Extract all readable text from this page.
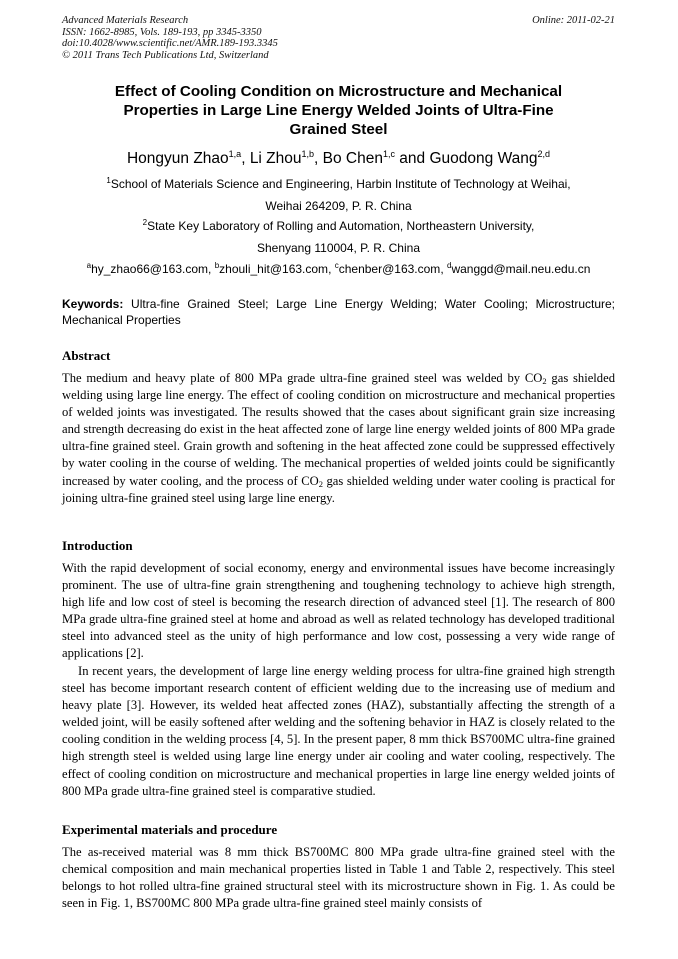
Advanced Materials Research
ISSN: 1662-8985, Vols. 189-193, pp 3345-3350
doi:10.4028/www.scientific.net/AMR.189-193.3345
© 2011 Trans Tech Publications Ltd, Switzerland
Online: 2011-02-21
Effect of Cooling Condition on Microstructure and Mechanical
Properties in Large Line Energy Welded Joints of Ultra-Fine
Grained Steel
Hongyun Zhao$^{1,a}$, Li Zhou$^{1,b}$, Bo Chen$^{1,c}$ and Guodong Wang$^{2,d}$
$^1$School of Materials Science and Engineering, Harbin Institute of Technology at Weihai,
Weihai 264209, P. R. China
$^2$State Key Laboratory of Rolling and Automation, Northeastern University,
Shenyang 110004, P. R. China
$^a$hy_zhao66@163.com, $^b$zhouli_hit@163.com, $^c$chenber@163.com, $^d$wanggd@mail.neu.edu.cn
Keywords: Ultra-fine Grained Steel; Large Line Energy Welding; Water Cooling; Microstructure; Mechanical Properties
Abstract

The medium and heavy plate of 800 MPa grade ultra-fine grained steel was welded by $CO_2$ gas shielded welding using large line energy. The effect of cooling condition on microstructure and mechanical properties of welded joints was investigated. The results showed that the cases about significant grain size increasing and strength decreasing do exist in the heat affected zone of large line energy welded joints of 800 MPa grade ultra-fine grained steel. Grain growth and softening in the heat affected zone could be suppressed effectively by water cooling in the course of welding. The mechanical properties of welded joints could be significantly increased by water cooling, and the process of $CO_2$ gas shielded welding under water cooling is practical for joining ultra-fine grained steel using large line energy.

Introduction

With the rapid development of social economy, energy and environmental issues have become increasingly prominent. The use of ultra-fine grain strengthening and toughening technology to achieve high strength, high life and low cost of steel is becoming the research direction of advanced steel [1]. The research of 800 MPa grade ultra-fine grained steel at home and abroad as well as related technology has developed traditional steel into advanced steel as the unity of high performance and low cost, possessing a very wide range of applications [2].

In recent years, the development of large line energy welding process for ultra-fine grained high strength steel has become important research content of efficient welding due to the increasing use of medium and heavy plate [3]. However, its welded heat affected zones (HAZ), substantially affecting the strength of a welded joint, will be easily softened after welding and the softening behavior in HAZ is closely related to the cooling condition in the welding process [4, 5]. In the present paper, 8 mm thick BS700MC ultra-fine grained high strength steel is welded using large line energy under air cooling and water cooling, respectively. The effect of cooling condition on microstructure and mechanical properties in large line energy welded joints of 800 MPa grade ultra-fine grained steel is comparative studied.

Experimental materials and procedure

The as-received material was 8 mm thick BS700MC 800 MPa grade ultra-fine grained steel with the chemical composition and main mechanical properties listed in Table 1 and Table 2, respectively. This steel belongs to hot rolled ultra-fine grained structural steel with its microstructure shown in Fig. 1. As could be seen in Fig. 1, BS700MC 800 MPa grade ultra-fine grained steel mainly consists of
